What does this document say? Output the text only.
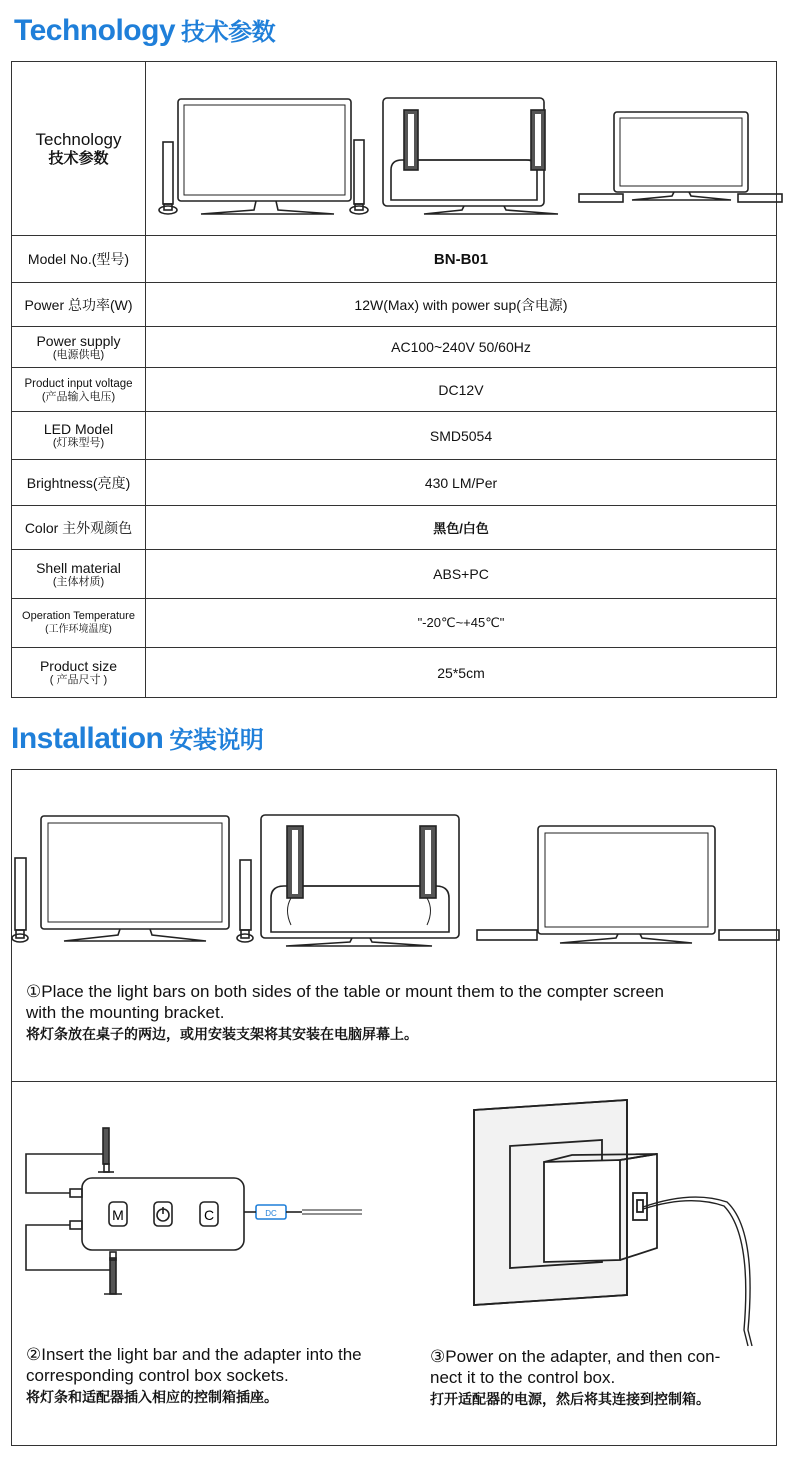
Technology 技术参数
Technology
技术参数
Model No.(型号)	BN-B01
Power 总功率(W)	12W(Max) with power sup(含电源)
Power supply
(电源供电)	AC100~240V 50/60Hz
Product input voltage
(产品输入电压)	DC12V
LED Model
(灯珠型号)	SMD5054
Brightness(亮度)	430 LM/Per
Color 主外观颜色	黑色/白色
Shell material
(主体材质)	ABS+PC
Operation Temperature
(工作环境温度)	"-20℃~+45℃"
Product size
( 产品尺寸 )	25*5cm
Installation 安装说明
①Place the light bars on both sides of the table or mount them to the compter screen
with the mounting bracket.
将灯条放在桌子的两边，或用安装支架将其安装在电脑屏幕上。
M	C	DC
②Insert the light bar and the adapter into the
corresponding control box sockets.
将灯条和适配器插入相应的控制箱插座。
③Power on the adapter, and then con-
nect it to the control box.
打开适配器的电源，然后将其连接到控制箱。
